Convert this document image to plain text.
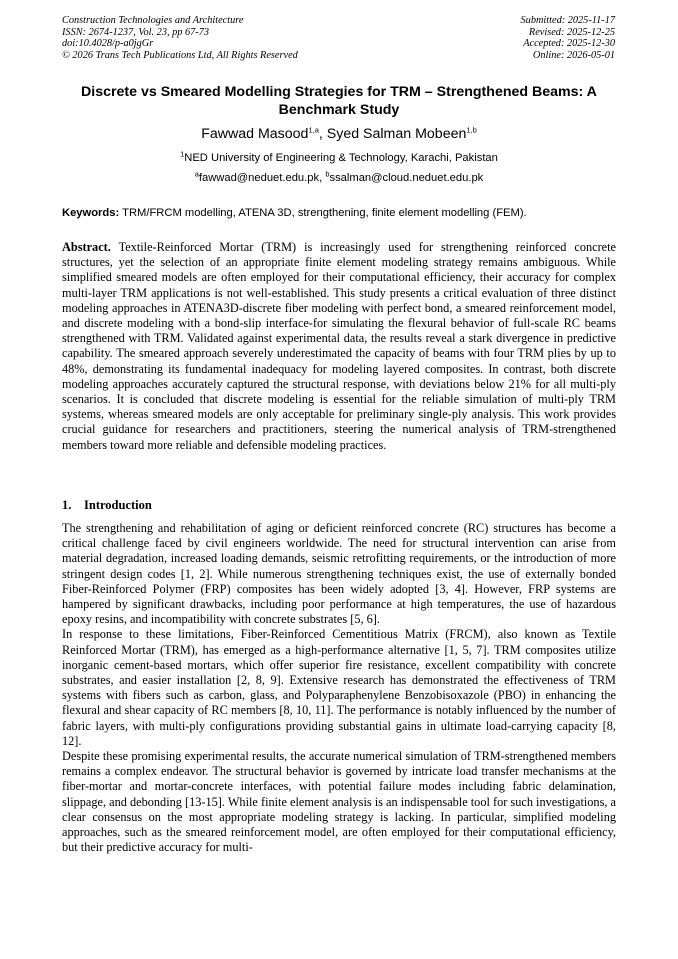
Construction Technologies and Architecture
ISSN: 2674-1237, Vol. 23, pp 67-73
doi:10.4028/p-a0jgGr
© 2026 Trans Tech Publications Ltd, All Rights Reserved
Submitted: 2025-11-17
Revised: 2025-12-25
Accepted: 2025-12-30
Online: 2026-05-01
Discrete vs Smeared Modelling Strategies for TRM – Strengthened Beams: A Benchmark Study
Fawwad Masood$^{1,a}$, Syed Salman Mobeen$^{1,b}$
$^1$NED University of Engineering & Technology, Karachi, Pakistan
$^a$fawwad@neduet.edu.pk, $^b$ssalman@cloud.neduet.edu.pk
Keywords: TRM/FRCM modelling, ATENA 3D, strengthening, finite element modelling (FEM).
Abstract. Textile-Reinforced Mortar (TRM) is increasingly used for strengthening reinforced concrete structures, yet the selection of an appropriate finite element modeling strategy remains ambiguous. While simplified smeared models are often employed for their computational efficiency, their accuracy for complex multi-layer TRM applications is not well-established. This study presents a critical evaluation of three distinct modeling approaches in ATENA3D-discrete fiber modeling with perfect bond, a smeared reinforcement model, and discrete modeling with a bond-slip interface-for simulating the flexural behavior of full-scale RC beams strengthened with TRM. Validated against experimental data, the results reveal a stark divergence in predictive capability. The smeared approach severely underestimated the capacity of beams with four TRM plies by up to 48%, demonstrating its fundamental inadequacy for modeling layered composites. In contrast, both discrete modeling approaches accurately captured the structural response, with deviations below 21% for all multi-ply scenarios. It is concluded that discrete modeling is essential for the reliable simulation of multi-ply TRM systems, whereas smeared models are only acceptable for preliminary single-ply analysis. This work provides crucial guidance for researchers and practitioners, steering the numerical analysis of TRM-strengthened members toward more reliable and defensible modeling practices.
1. Introduction

The strengthening and rehabilitation of aging or deficient reinforced concrete (RC) structures has become a critical challenge faced by civil engineers worldwide. The need for structural intervention can arise from material degradation, increased loading demands, seismic retrofitting requirements, or the introduction of more stringent design codes [1, 2]. While numerous strengthening techniques exist, the use of externally bonded Fiber-Reinforced Polymer (FRP) composites has been widely adopted [3, 4]. However, FRP systems are hampered by significant drawbacks, including poor performance at high temperatures, the use of hazardous epoxy resins, and incompatibility with concrete substrates [5, 6].

In response to these limitations, Fiber-Reinforced Cementitious Matrix (FRCM), also known as Textile Reinforced Mortar (TRM), has emerged as a high-performance alternative [1, 5, 7]. TRM composites utilize inorganic cement-based mortars, which offer superior fire resistance, excellent compatibility with concrete substrates, and easier installation [2, 8, 9]. Extensive research has demonstrated the effectiveness of TRM systems with fibers such as carbon, glass, and Polyparaphenylene Benzobisoxazole (PBO) in enhancing the flexural and shear capacity of RC members [8, 10, 11]. The performance is notably influenced by the number of fabric layers, with multi-ply configurations providing substantial gains in ultimate load-carrying capacity [8, 12].

Despite these promising experimental results, the accurate numerical simulation of TRM-strengthened members remains a complex endeavor. The structural behavior is governed by intricate load transfer mechanisms at the fiber-mortar and mortar-concrete interfaces, with potential failure modes including fabric delamination, slippage, and debonding [13-15]. While finite element analysis is an indispensable tool for such investigations, a clear consensus on the most appropriate modeling strategy is lacking. In particular, simplified modeling approaches, such as the smeared reinforcement model, are often employed for their computational efficiency, but their predictive accuracy for multi-
